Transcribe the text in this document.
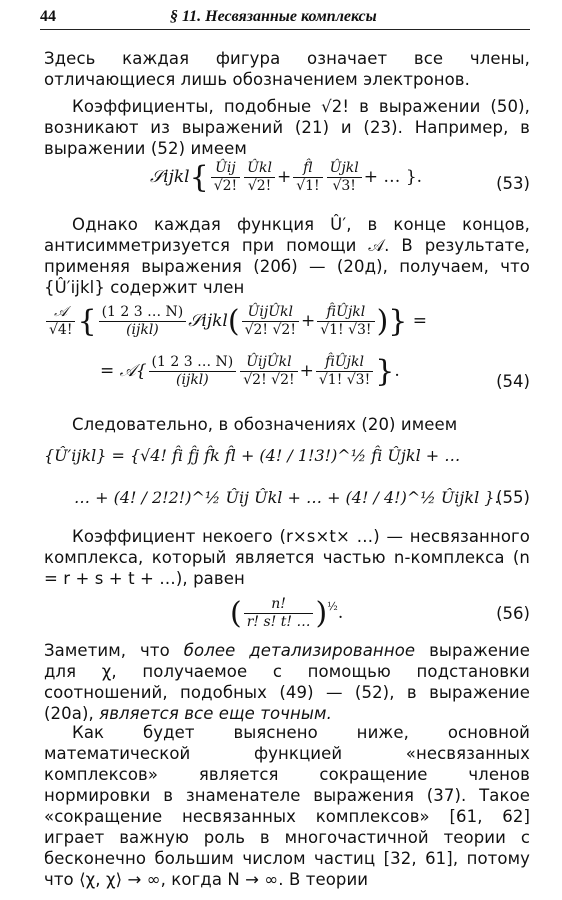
44	§ 11. Несвязанные комплексы
Здесь каждая фигура означает все члены, отличающиеся лишь обозначением электронов.
Коэффициенты, подобные √2! в выражении (50), возникают из выражений (21) и (23). Например, в выражении (52) имеем
𝒮ijkl{ $\frac{\text{Ûij}}{√2!} \frac{\text{Ûkl}}{√2!} + \frac{f̂l}{√1!} \frac{\text{Ûjkl}}{√3!}$ + … }.	(53)
Однако каждая функция Û′, в конце концов, антисимметризуется при помощи 𝒜. В результате, применяя выражения (20б) — (20д), получаем, что {Û′ijkl} содержит член
$\frac{\text{𝒜}}{√4!}$ { $\frac{(1 2 3 \dots N)}{\text{(ijkl)}}$ 𝒮ijkl( $\frac{\text{ÛijÛkl}}{√2! √2!} + \frac{\text{f̂iÛjkl}}{√1! √3!}$ )} =
= 𝒜{ $\frac{(1 2 3 \dots N)}{\text{(ijkl)}} \frac{\text{ÛijÛkl}}{√2! √2!} + \frac{\text{f̂iÛjkl}}{√1! √3!}$ }.
(54)
Следовательно, в обозначениях (20) имеем
{Û′ijkl} = {√4! f̂i f̂j f̂k f̂l + (4! / 1!3!)^½ f̂i Ûjkl + …
… + (4! / 2!2!)^½ Ûij Ûkl + … + (4! / 4!)^½ Ûijkl }.
(55)
Коэффициент некоего (r×s×t× …) — несвязанного комплекса, который является частью n-комплекса (n = r + s + t + …), равен
( $\frac{n!}{r! s! t! \dots} )^{\frac{1}{2}}$.	(56)
Заметим, что более детализированное выражение для χ, получаемое с помощью подстановки соотношений, подобных (49) — (52), в выражение (20а), является все еще точным.
Как будет выяснено ниже, основной математической функцией «несвязанных комплексов» является сокращение членов нормировки в знаменателе выражения (37). Такое «сокращение несвязанных комплексов» [61, 62] играет важную роль в многочастичной теории с бесконечно большим числом частиц [32, 61], потому что ⟨χ, χ⟩ → ∞, когда N → ∞. В теории
